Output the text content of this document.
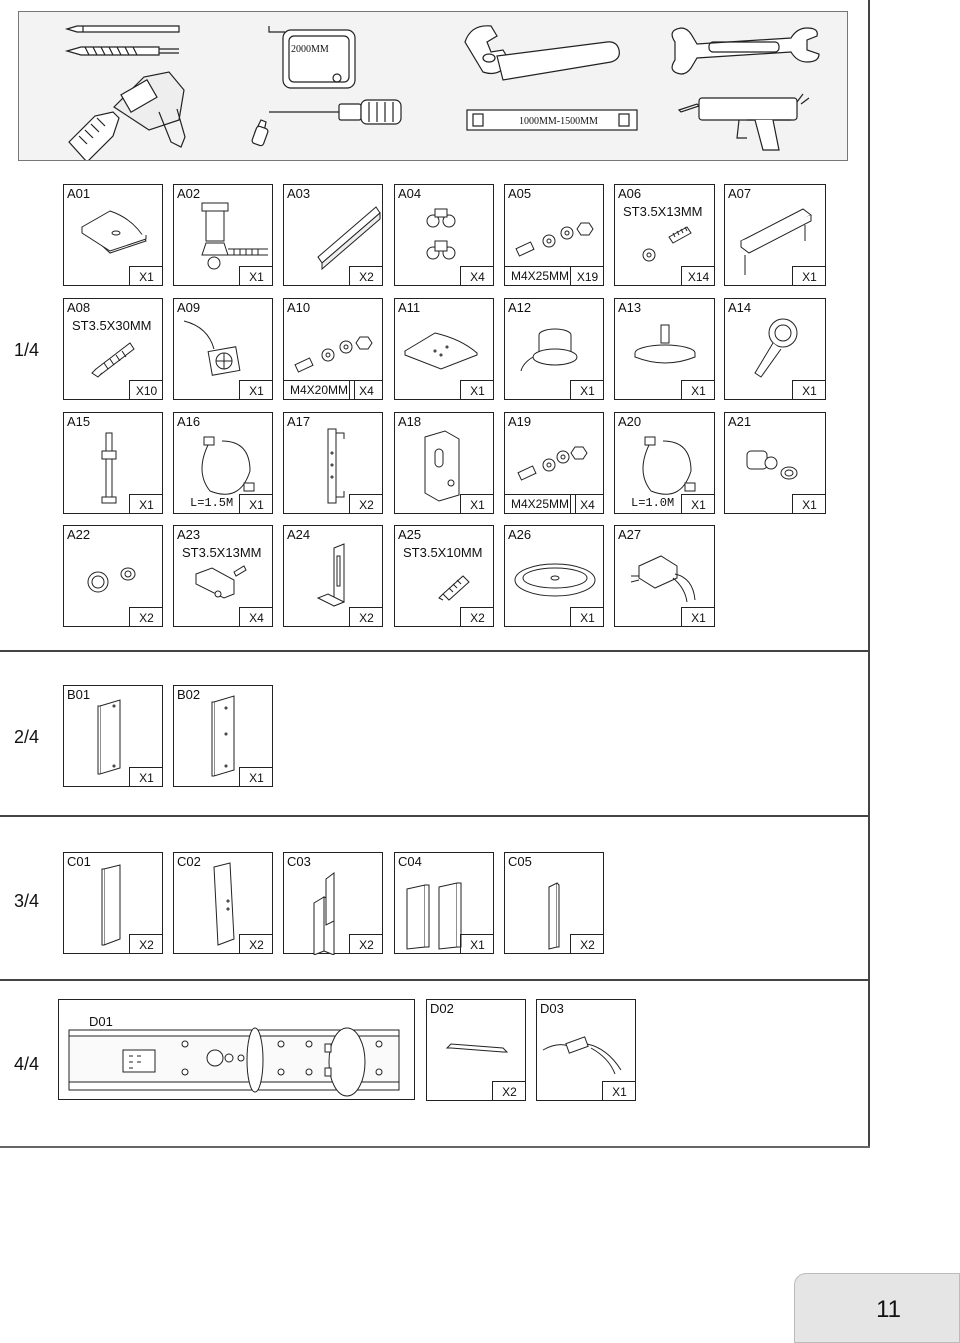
2000MM
1000MM-1500MM
1/4
2/4
3/4
4/4
A01
X1
A02
X1
A03
X2
A04
X4
A05
M4X25MM X19
A06
ST3.5X13MM
X14
A07
X1
A08
ST3.5X30MM
X10
A09
X1
A10
M4X20MM X4
A11
X1
A12
X1
A13
X1
A14
X1
A15
X1
A16
L=1.5M	X1
A17
X2
A18
X1
A19
M4X25MM X4
A20
L=1.0M	X1
A21
X1
A22
X2
A23
ST3.5X13MM
X4
A24
X2
A25
ST3.5X10MM
X2
A26
X1
A27
X1
B01
X1
B02
X1
C01
X2
C02
X2
C03
X2
C04
X1
C05
X2
D01
D02
X2
D03
X1
11
